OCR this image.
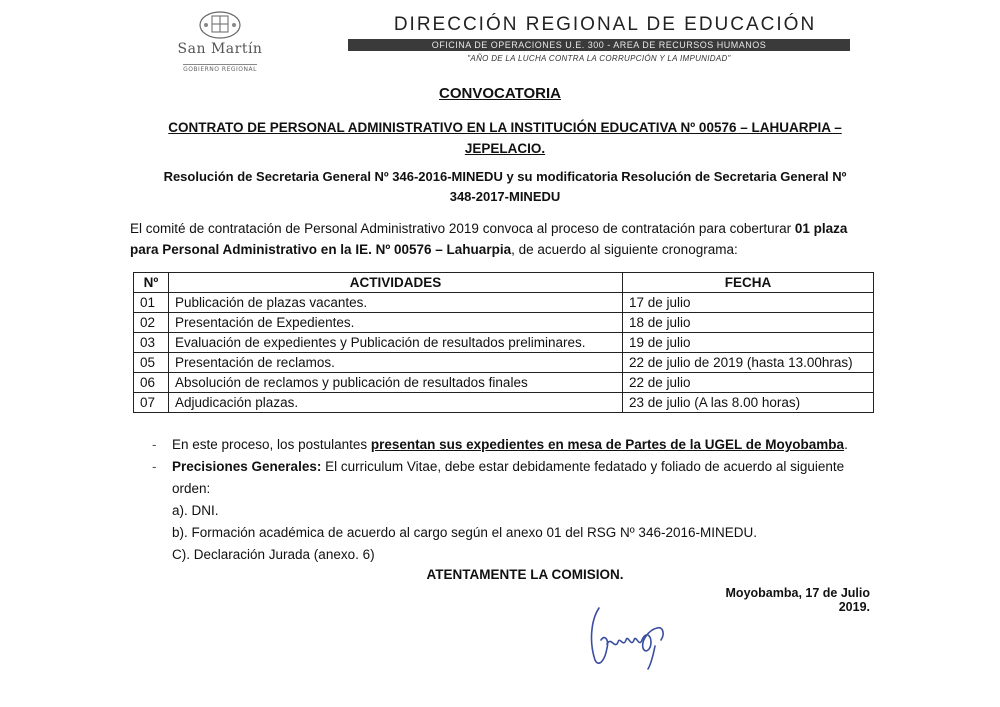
San Martín
GOBIERNO REGIONAL
DIRECCIÓN REGIONAL DE EDUCACIÓN
OFICINA DE OPERACIONES U.E. 300 - AREA DE RECURSOS HUMANOS
"AÑO DE LA LUCHA CONTRA LA CORRUPCIÓN Y LA IMPUNIDAD"
CONVOCATORIA
CONTRATO DE PERSONAL ADMINISTRATIVO EN LA INSTITUCIÓN EDUCATIVA Nº 00576 – LAHUARPIA –
JEPELACIO.
Resolución de Secretaria General Nº 346-2016-MINEDU y su modificatoria Resolución de Secretaria General Nº
348-2017-MINEDU
El comité de contratación de Personal Administrativo 2019 convoca al proceso de contratación para coberturar 01 plaza para Personal Administrativo en la IE. Nº 00576 – Lahuarpia, de acuerdo al siguiente cronograma:
Nº	ACTIVIDADES	FECHA
01	Publicación de plazas vacantes.	17 de julio
02	Presentación de Expedientes.	18 de julio
03	Evaluación de expedientes y Publicación de resultados preliminares.	19 de julio
05	Presentación de reclamos.	22 de julio de 2019 (hasta 13.00hras)
06	Absolución de reclamos y publicación de resultados finales	22 de julio
07	Adjudicación plazas.	23 de julio (A las 8.00 horas)
- En este proceso, los postulantes presentan sus expedientes en mesa de Partes de la UGEL de Moyobamba.
- Precisiones Generales: El curriculum Vitae, debe estar debidamente fedatado y foliado de acuerdo al siguiente orden:
a). DNI.
b). Formación académica de acuerdo al cargo según el anexo 01 del RSG Nº 346-2016-MINEDU.
C). Declaración Jurada (anexo. 6)
ATENTAMENTE LA COMISION.
Moyobamba, 17 de Julio 2019.
